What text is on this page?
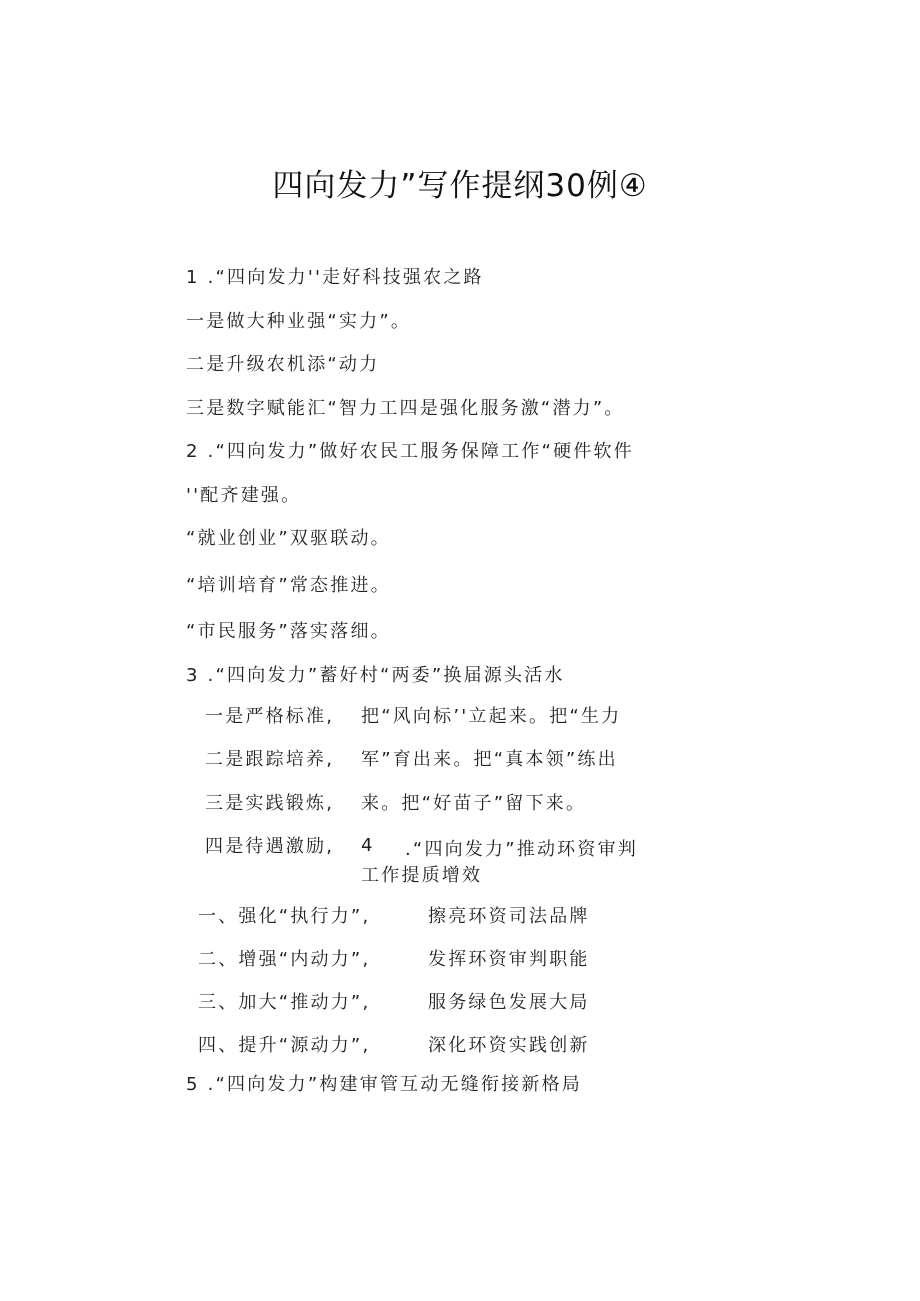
四向发力”写作提纲30例④
1 .“四向发力''走好科技强农之路
一是做大种业强“实力”。
二是升级农机添“动力
三是数字赋能汇“智力工四是强化服务激“潜力”。
2 .“四向发力”做好农民工服务保障工作“硬件软件
''配齐建强。
“就业创业”双驱联动。
“培训培育”常态推进。
“市民服务”落实落细。
3 .“四向发力”蓄好村“两委”换届源头活水
一是严格标准,
二是跟踪培养,
三是实践锻炼,
四是待遇激励,
把“风向标’'立起来。把“生力
军”育出来。把“真本领”练出
来。把“好苗子”留下来。
4 .“四向发力”推动环资审判
工作提质增效
一、强化“执行力”,
二、增强“内动力”,
三、加大“推动力”,
四、提升“源动力”,
擦亮环资司法品牌
发挥环资审判职能
服务绿色发展大局
深化环资实践创新
5 .“四向发力”构建审管互动无缝衔接新格局
